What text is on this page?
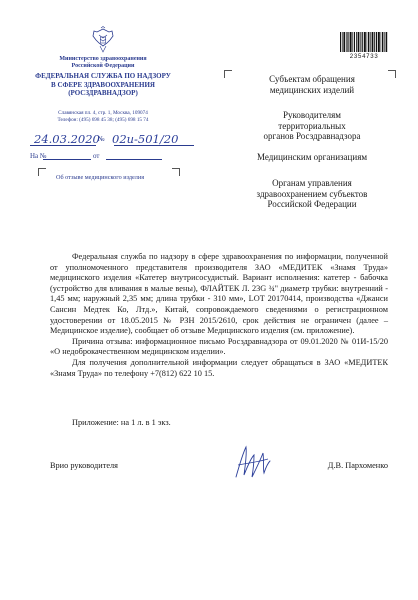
Министерство здравоохранения
Российской Федерации
ФЕДЕРАЛЬНАЯ СЛУЖБА ПО НАДЗОРУ
В СФЕРЕ ЗДРАВООХРАНЕНИЯ
(РОСЗДРАВНАДЗОР)
Славянская пл. 4, стр. 1, Москва, 109074
Телефон: (495) 698 45 38; (495) 698 15 74
24.03.2020
№ 02и-501/20
На №	от
Об отзыве медицинского изделия
2354733
Субъектам обращения
медицинских изделий
Руководителям
территориальных
органов Росздравнадзора
Медицинским организациям
Органам управления
здравоохранением субъектов
Российской Федерации

Федеральная служба по надзору в сфере здравоохранения по информации, полученной от уполномоченного представителя производителя ЗАО «МЕДИТЕК «Знамя Труда» медицинского изделия «Катетер внутрисосудистый. Вариант исполнения: катетер - бабочка (устройство для вливания в малые вены), ФЛАЙТЕК Л. 23G ¾'' диаметр трубки: внутренний - 1,45 мм; наружный 2,35 мм; длина трубки - 310 мм», LOT 20170414, производства «Джанси Сансин Медтек Ко, Лтд.», Китай, сопровождаемого сведениями о регистрационном удостоверении от 18.05.2015 № РЗН 2015/2610, срок действия не ограничен (далее – Медицинское изделие), сообщает об отзыве Медицинского изделия (см. приложение).

Причина отзыва: информационное письмо Росздравнадзора от 09.01.2020 № 01И-15/20 «О недоброкачественном медицинском изделии».

Для получения дополнительной информации следует обращаться в ЗАО «МЕДИТЕК «Знамя Труда» по телефону +7(812) 622 10 15.

Приложение: на 1 л. в 1 экз.
Врио руководителя	Д.В. Пархоменко
